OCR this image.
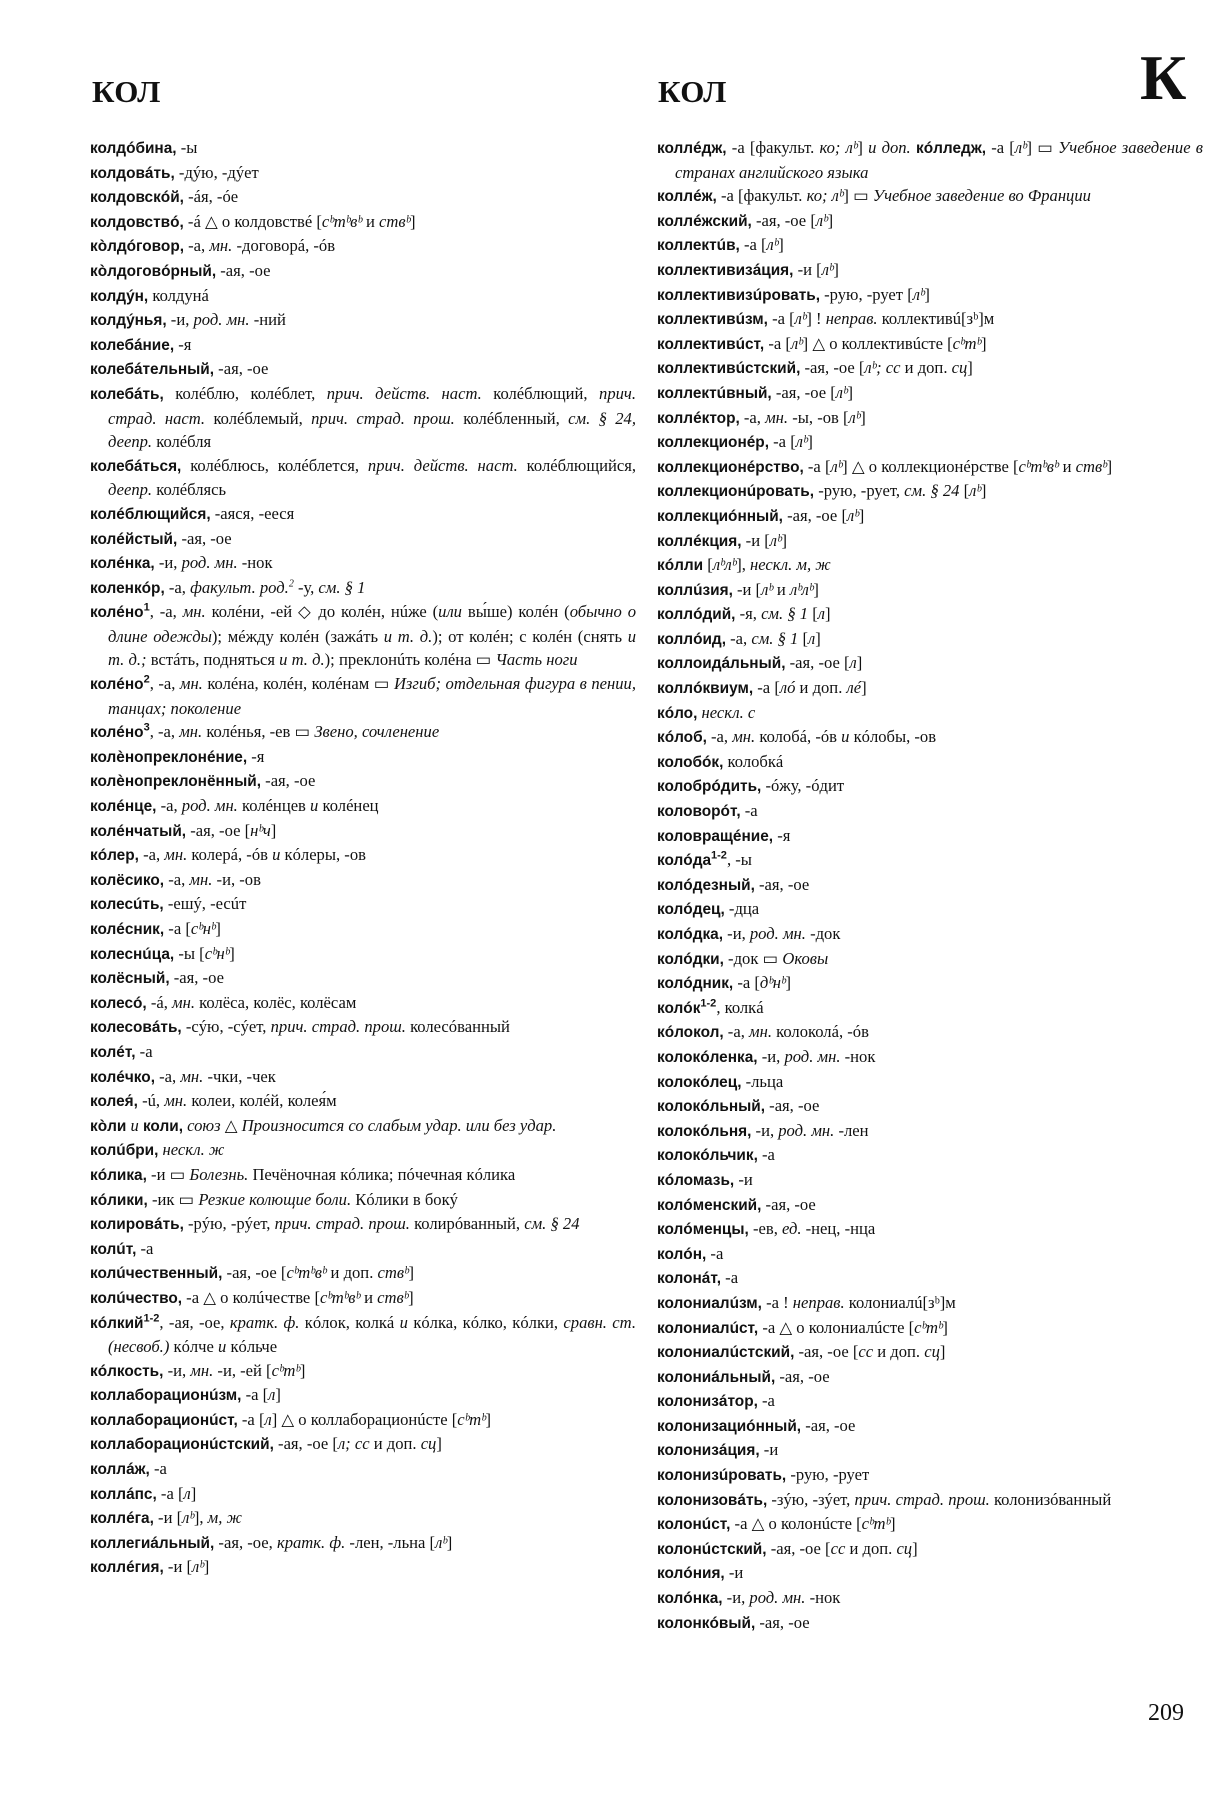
КОЛ	КОЛ	К
колдóбина, -ы
колдовáть, -дýю, -дýет
колдовскóй, -áя, -óе
колдовствó, -á △ о колдовствé [сᵇтᵇвᵇ и ствᵇ]
кòлдóговор, -а, мн. -договорá, -óв
кòлдоговóрный, -ая, -ое
колдýн, колдунá
колдýнья, -и, род. мн. -ний
колебáние, -я
колебáтельный, -ая, -ое
колебáть, колéблю, колéблет, прич. действ. наст. колéблющий, прич. страд. наст. колéблемый, прич. страд. прош. колéбленный, см. § 24, деепр. колéбля
колебáться, колéблюсь, колéблется, прич. действ. наст. колéблющийся, деепр. колéблясь
колéблющийся, -аяся, -ееся
колéйстый, -ая, -ое
колéнка, -и, род. мн. -нок
коленкóр, -а, факульт. род.$^2$ -у, см. § 1
колéно$^1$, -а, мн. колéни, -ей ◇ до колéн, нúже (или вы́ше) колéн (обычно о длине одежды); мéжду колéн (зажáть и т. д.); от колéн; с колéн (снять и т. д.; встáть, поднятьcя и т. д.); преклонúть колéна ▭ Часть ноги
колéно$^2$, -а, мн. колéна, колéн, колéнам ▭ Изгиб; отдельная фигура в пении, танцах; поколение
колéно$^3$, -а, мн. колéнья, -ев ▭ Звено, сочленение
колèнопреклонéние, -я
колèнопреклонённый, -ая, -ое
колéнце, -а, род. мн. колéнцев и колéнец
колéнчатый, -ая, -ое [нᵇч]
кóлер, -а, мн. колерá, -óв и кóлеры, -ов
колёсико, -а, мн. -и, -ов
колесúть, -ешý, -есúт
колéсник, -а [сᵇнᵇ]
колеснúца, -ы [сᵇнᵇ]
колёсный, -ая, -ое
колесó, -á, мн. колёса, колёс, колёсам
колесовáть, -сýю, -сýет, прич. страд. прош. колесóванный
колéт, -а
колéчко, -а, мн. -чки, -чек
колея́, -ú, мн. колеи, колéй, колея́м
кòли и коли, союз △ Произносится со слабым удар. или без удар.
колúбри, нескл. ж
кóлика, -и ▭ Болезнь. Печёночная кóлика; пóчечная кóлика
кóлики, -ик ▭ Резкие колющие боли. Кóлики в бокý
колировáть, -рýю, -рýет, прич. страд. прош. колирóванный, см. § 24
колúт, -а
колúчественный, -ая, -ое [сᵇтᵇвᵇ и доп. ствᵇ]
колúчество, -а △ о колúчестве [сᵇтᵇвᵇ и ствᵇ]
кóлкий$^{1-2}$, -ая, -ое, кратк. ф. кóлок, колкá и кóлка, кóлко, кóлки, сравн. ст. (несвоб.) кóлче и кóльче
кóлкость, -и, мн. -и, -ей [сᵇтᵇ]
коллаборационúзм, -а [л]
коллаборационúст, -а [л] △ о коллаборационúсте [сᵇтᵇ]
коллаборационúстский, -ая, -ое [л; сс и доп. сц]
коллáж, -а
коллáпс, -а [л]
коллéга, -и [лᵇ], м, ж
коллегиáльный, -ая, -ое, кратк. ф. -лен, -льна [лᵇ]
коллéгия, -и [лᵇ]
коллéдж, -а [факульт. ко; лᵇ] и доп. кóлледж, -а [лᵇ] ▭ Учебное заведение в странах английского языка
коллéж, -а [факульт. ко; лᵇ] ▭ Учебное заведение во Франции
коллéжский, -ая, -ое [лᵇ]
коллектúв, -а [лᵇ]
коллективизáция, -и [лᵇ]
коллективизúровать, -рую, -рует [лᵇ]
коллективúзм, -а [лᵇ] ! неправ. коллективú[зᵇ]м
коллективúст, -а [лᵇ] △ о коллективúсте [сᵇтᵇ]
коллективúстский, -ая, -ое [лᵇ; сс и доп. сц]
коллектúвный, -ая, -ое [лᵇ]
коллéктор, -а, мн. -ы, -ов [лᵇ]
коллекционéр, -а [лᵇ]
коллекционéрство, -а [лᵇ] △ о коллекционéрстве [сᵇтᵇвᵇ и ствᵇ]
коллекционúровать, -рую, -рует, см. § 24 [лᵇ]
коллекциóнный, -ая, -ое [лᵇ]
коллéкция, -и [лᵇ]
кóлли [лᵇлᵇ], нескл. м, ж
коллúзия, -и [лᵇ и лᵇлᵇ]
коллóдий, -я, см. § 1 [л]
коллóид, -а, см. § 1 [л]
коллоидáльный, -ая, -ое [л]
коллóквиум, -а [лó и доп. лé]
кóло, нескл. с
кóлоб, -а, мн. колобá, -óв и кóлобы, -ов
колобóк, колобкá
колобрóдить, -óжу, -óдит
коловорóт, -а
коловращéние, -я
колóда$^{1-2}$, -ы
колóдезный, -ая, -ое
колóдец, -дца
колóдка, -и, род. мн. -док
колóдки, -док ▭ Оковы
колóдник, -а [дᵇнᵇ]
колóк$^{1-2}$, колкá
кóлокол, -а, мн. колоколá, -óв
колокóленка, -и, род. мн. -нок
колокóлец, -льца
колокóльный, -ая, -ое
колокóльня, -и, род. мн. -лен
колокóльчик, -а
кóломазь, -и
колóменский, -ая, -ое
колóменцы, -ев, ед. -нец, -нца
колóн, -а
колонáт, -а
колониалúзм, -а ! неправ. колониалú[зᵇ]м
колониалúст, -а △ о колониалúсте [сᵇтᵇ]
колониалúстский, -ая, -ое [сс и доп. сц]
колониáльный, -ая, -ое
колонизáтор, -а
колонизациóнный, -ая, -ое
колонизáция, -и
колонизúровать, -рую, -рует
колонизовáть, -зýю, -зýет, прич. страд. прош. колонизóванный
колонúст, -а △ о колонúсте [сᵇтᵇ]
колонúстский, -ая, -ое [сс и доп. сц]
колóния, -и
колóнка, -и, род. мн. -нок
колонкóвый, -ая, -ое
209
